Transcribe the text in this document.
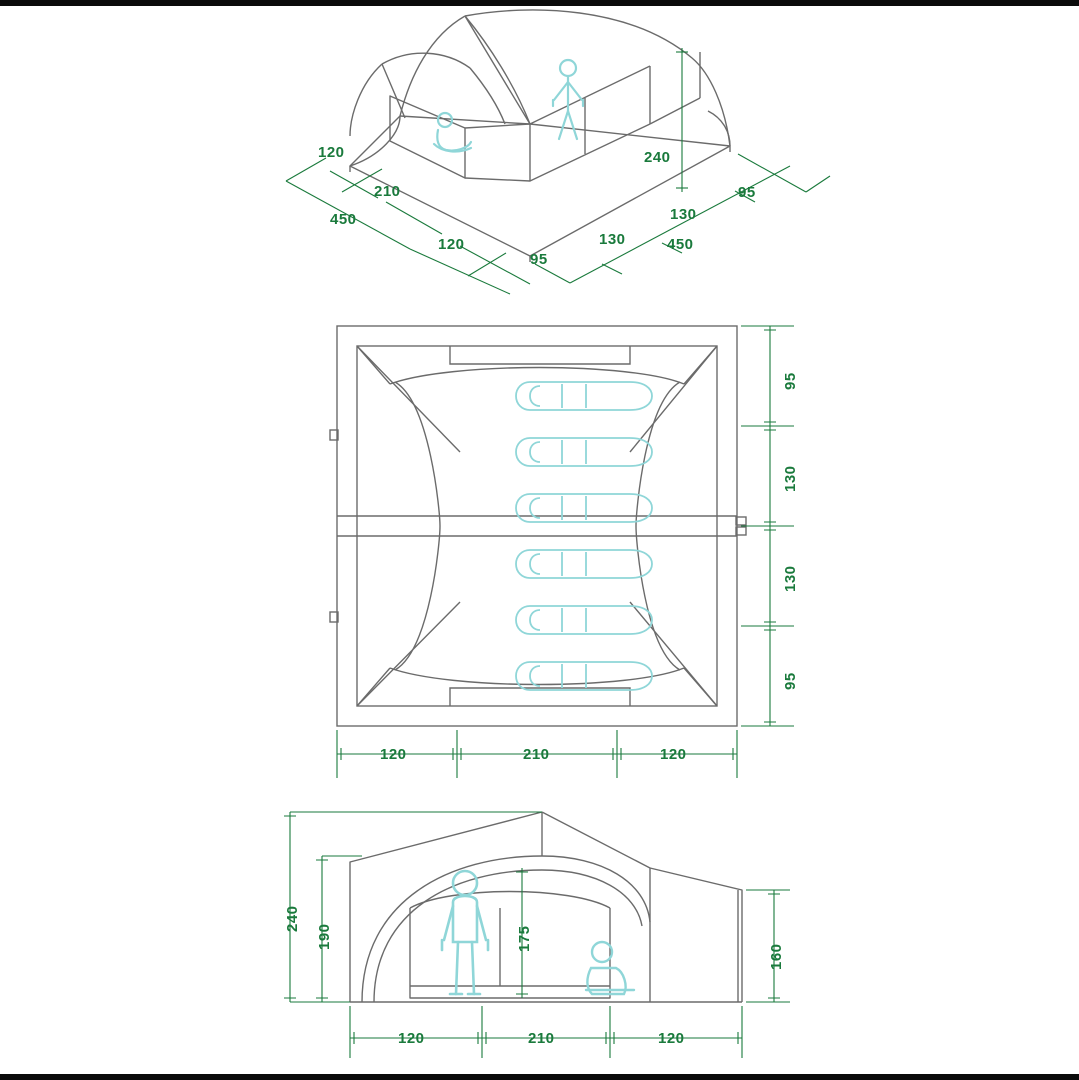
120
210
450
120
95
130	450
240
130
95
95
130
130
95
120	210	120
240
190	175
160
120	210	120
